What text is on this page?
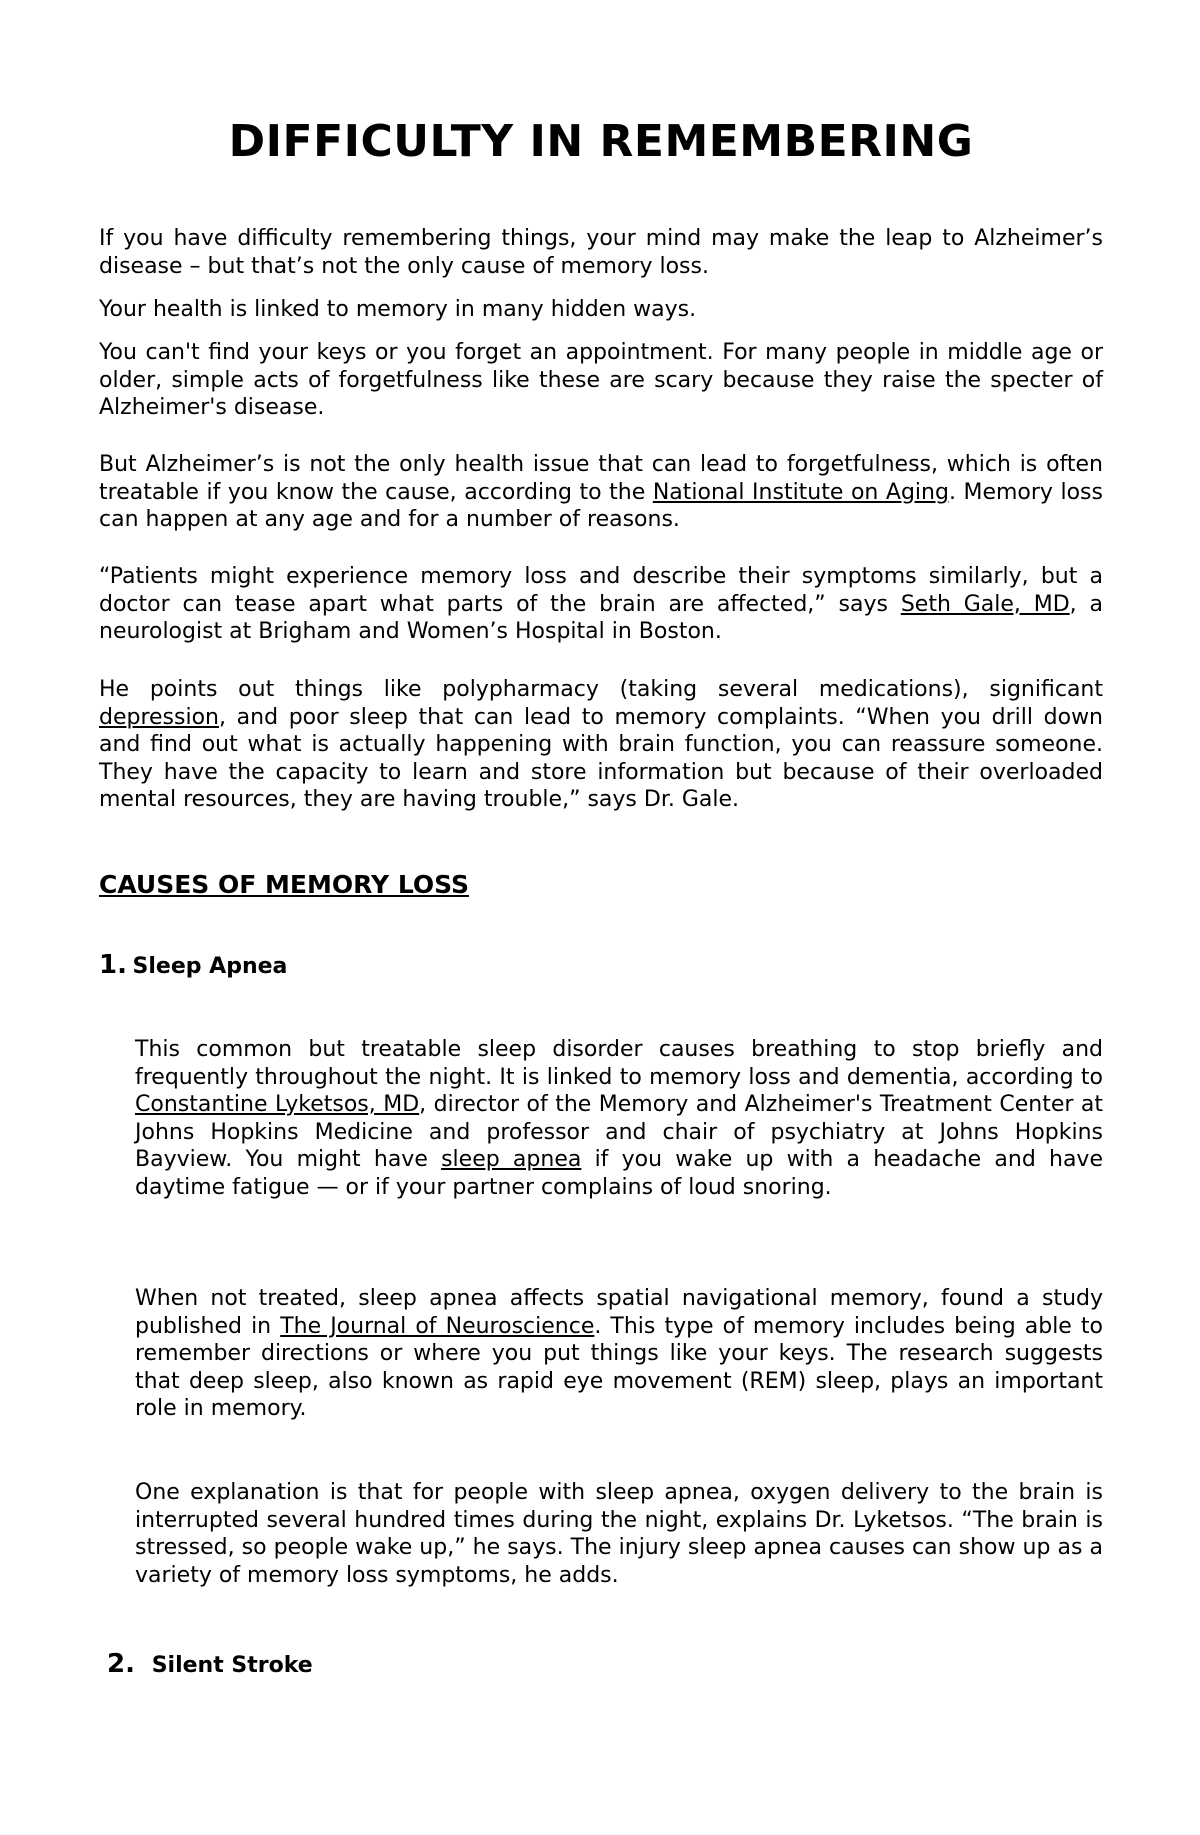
DIFFICULTY IN REMEMBERING

If you have difficulty remembering things, your mind may make the leap to Alzheimer’s disease – but that’s not the only cause of memory loss.

Your health is linked to memory in many hidden ways.

You can't find your keys or you forget an appointment. For many people in middle age or older, simple acts of forgetfulness like these are scary because they raise the specter of Alzheimer's disease.

But Alzheimer’s is not the only health issue that can lead to forgetfulness, which is often treatable if you know the cause, according to the National Institute on Aging. Memory loss can happen at any age and for a number of reasons.

“Patients might experience memory loss and describe their symptoms similarly, but a doctor can tease apart what parts of the brain are affected,” says Seth Gale, MD, a neurologist at Brigham and Women’s Hospital in Boston.

He points out things like polypharmacy (taking several medications), significant depression, and poor sleep that can lead to memory complaints. “When you drill down and find out what is actually happening with brain function, you can reassure someone. They have the capacity to learn and store information but because of their overloaded mental resources, they are having trouble,” says Dr. Gale.

CAUSES OF MEMORY LOSS
1. Sleep Apnea

This common but treatable sleep disorder causes breathing to stop briefly and frequently throughout the night. It is linked to memory loss and dementia, according to Constantine Lyketsos, MD, director of the Memory and Alzheimer's Treatment Center at Johns Hopkins Medicine and professor and chair of psychiatry at Johns Hopkins Bayview. You might have sleep apnea if you wake up with a headache and have daytime fatigue — or if your partner complains of loud snoring.

When not treated, sleep apnea affects spatial navigational memory, found a study published in The Journal of Neuroscience. This type of memory includes being able to remember directions or where you put things like your keys. The research suggests that deep sleep, also known as rapid eye movement (REM) sleep, plays an important role in memory.

One explanation is that for people with sleep apnea, oxygen delivery to the brain is interrupted several hundred times during the night, explains Dr. Lyketsos. “The brain is stressed, so people wake up,” he says. The injury sleep apnea causes can show up as a variety of memory loss symptoms, he adds.

2. Silent Stroke
